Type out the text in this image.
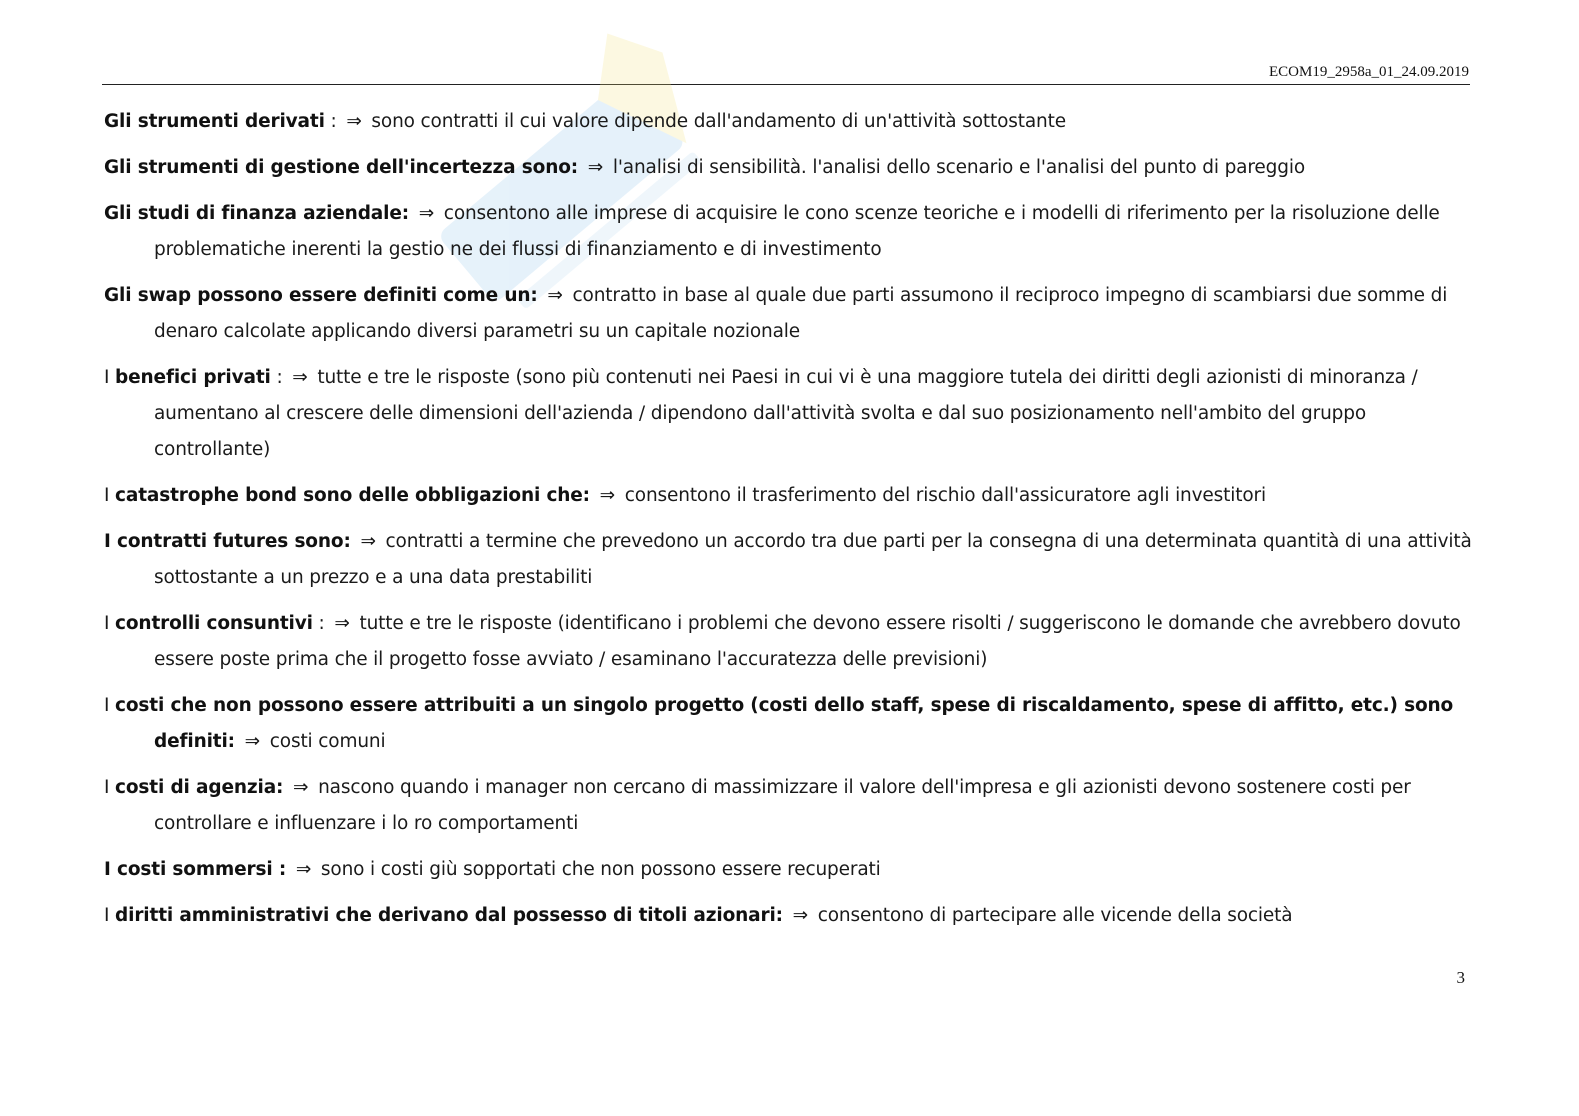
ECOM19_2958a_01_24.09.2019

Gli strumenti derivati : ⇒ sono contratti il cui valore dipende dall'andamento di un'attività sottostante

Gli strumenti di gestione dell'incertezza sono: ⇒ l'analisi di sensibilità. l'analisi dello scenario e l'analisi del punto di pareggio

Gli studi di finanza aziendale: ⇒ consentono alle imprese di acquisire le cono scenze teoriche e i modelli di riferimento per la risoluzione delle problematiche inerenti la gestio ne dei flussi di finanziamento e di investimento

Gli swap possono essere definiti come un: ⇒ contratto in base al quale due parti assumono il reciproco impegno di scambiarsi due somme di denaro calcolate applicando diversi parametri su un capitale nozionale

I benefici privati : ⇒ tutte e tre le risposte (sono più contenuti nei Paesi in cui vi è una maggiore tutela dei diritti degli azionisti di minoranza / aumentano al crescere delle dimensioni dell'azienda / dipendono dall'attività svolta e dal suo posizionamento nell'ambito del gruppo controllante)

I catastrophe bond sono delle obbligazioni che: ⇒ consentono il trasferimento del rischio dall'assicuratore agli investitori

I contratti futures sono: ⇒ contratti a termine che prevedono un accordo tra due parti per la consegna di una determinata quantità di una attività sottostante a un prezzo e a una data prestabiliti

I controlli consuntivi : ⇒ tutte e tre le risposte (identificano i problemi che devono essere risolti / suggeriscono le domande che avrebbero dovuto essere poste prima che il progetto fosse avviato / esaminano l'accuratezza delle previsioni)

I costi che non possono essere attribuiti a un singolo progetto (costi dello staff, spese di riscaldamento, spese di affitto, etc.) sono definiti: ⇒ costi comuni

I costi di agenzia: ⇒ nascono quando i manager non cercano di massimizzare il valore dell'impresa e gli azionisti devono sostenere costi per controllare e influenzare i lo ro comportamenti

I costi sommersi : ⇒ sono i costi giù sopportati che non possono essere recuperati

I diritti amministrativi che derivano dal possesso di titoli azionari: ⇒ consentono di partecipare alle vicende della società

3
